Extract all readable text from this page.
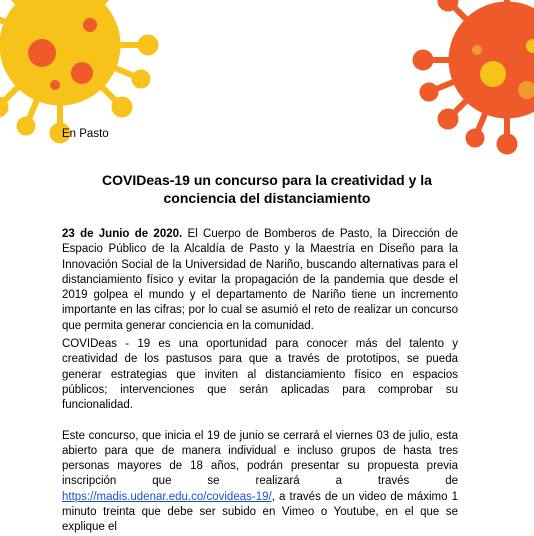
En Pasto
COVIDeas-19 un concurso para la creatividad y la
conciencia del distanciamiento

23 de Junio de 2020. El Cuerpo de Bomberos de Pasto, la Dirección de Espacio Público de la Alcaldía de Pasto y la Maestría en Diseño para la Innovación Social de la Universidad de Nariño, buscando alternativas para el distanciamiento físico y evitar la propagación de la pandemia que desde el 2019 golpea el mundo y el departamento de Nariño tiene un incremento importante en las cifras; por lo cual se asumió el reto de realizar un concurso que permita generar conciencia en la comunidad.

COVIDeas - 19 es una oportunidad para conocer más del talento y creatividad de los pastusos para que a través de prototipos, se pueda generar estrategias que inviten al distanciamiento físico en espacios públicos; intervenciones que serán aplicadas para comprobar su funcionalidad.

Este concurso, que inicia el 19 de junio se cerrará el viernes 03 de julio, esta abierto para que de manera individual e incluso grupos de hasta tres personas mayores de 18 años, podrán presentar su propuesta previa inscripción que se realizará a través de https://madis.udenar.edu.co/covideas-19/, a través de un video de máximo 1 minuto treinta que debe ser subido en Vimeo o Youtube, en el que se explique el
